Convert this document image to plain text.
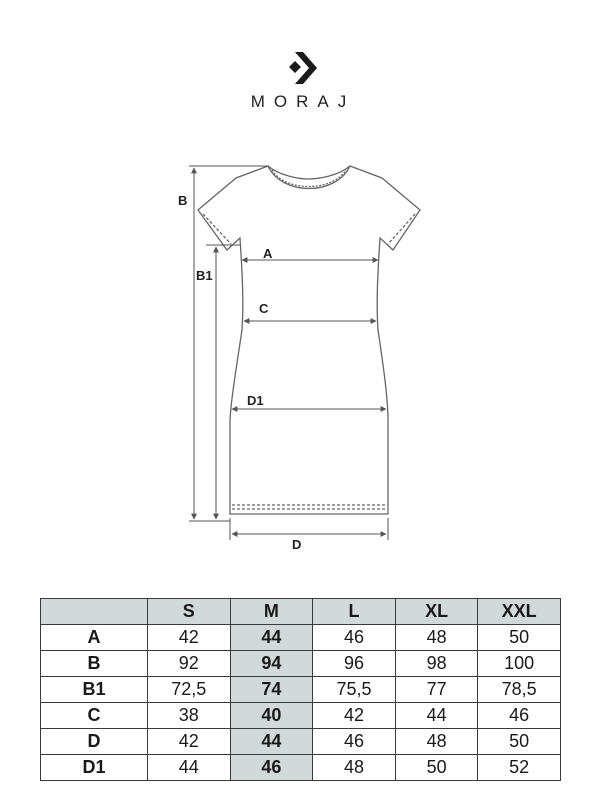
MORAJ
B
B1
A
C
D1
D
	S	M	L	XL	XXL
A	42	44	46	48	50
B	92	94	96	98	100
B1	72,5	74	75,5	77	78,5
C	38	40	42	44	46
D	42	44	46	48	50
D1	44	46	48	50	52
